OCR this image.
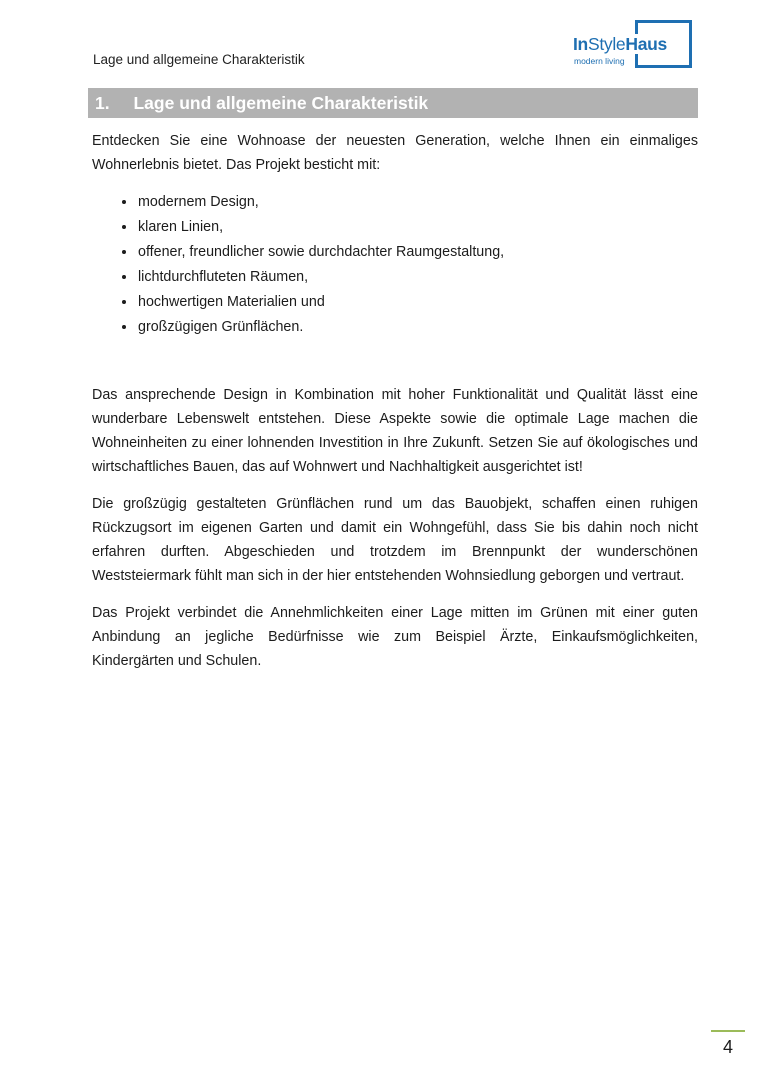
Lage und allgemeine Charakteristik
InStyleHaus
modern living
1. Lage und allgemeine Charakteristik

Entdecken Sie eine Wohnoase der neuesten Generation, welche Ihnen ein einmaliges Wohnerlebnis bietet. Das Projekt besticht mit:

• modernem Design,
• klaren Linien,
• offener, freundlicher sowie durchdachter Raumgestaltung,
• lichtdurchfluteten Räumen,
• hochwertigen Materialien und
• großzügigen Grünflächen.

Das ansprechende Design in Kombination mit hoher Funktionalität und Qualität lässt eine wunderbare Lebenswelt entstehen. Diese Aspekte sowie die optimale Lage machen die Wohneinheiten zu einer lohnenden Investition in Ihre Zukunft. Setzen Sie auf ökologisches und wirtschaftliches Bauen, das auf Wohnwert und Nachhaltigkeit ausgerichtet ist!

Die großzügig gestalteten Grünflächen rund um das Bauobjekt, schaffen einen ruhigen Rückzugsort im eigenen Garten und damit ein Wohngefühl, dass Sie bis dahin noch nicht erfahren durften. Abgeschieden und trotzdem im Brennpunkt der wunderschönen Weststeiermark fühlt man sich in der hier entstehenden Wohnsiedlung geborgen und vertraut.

Das Projekt verbindet die Annehmlichkeiten einer Lage mitten im Grünen mit einer guten Anbindung an jegliche Bedürfnisse wie zum Beispiel Ärzte, Einkaufsmöglichkeiten, Kindergärten und Schulen.

4
